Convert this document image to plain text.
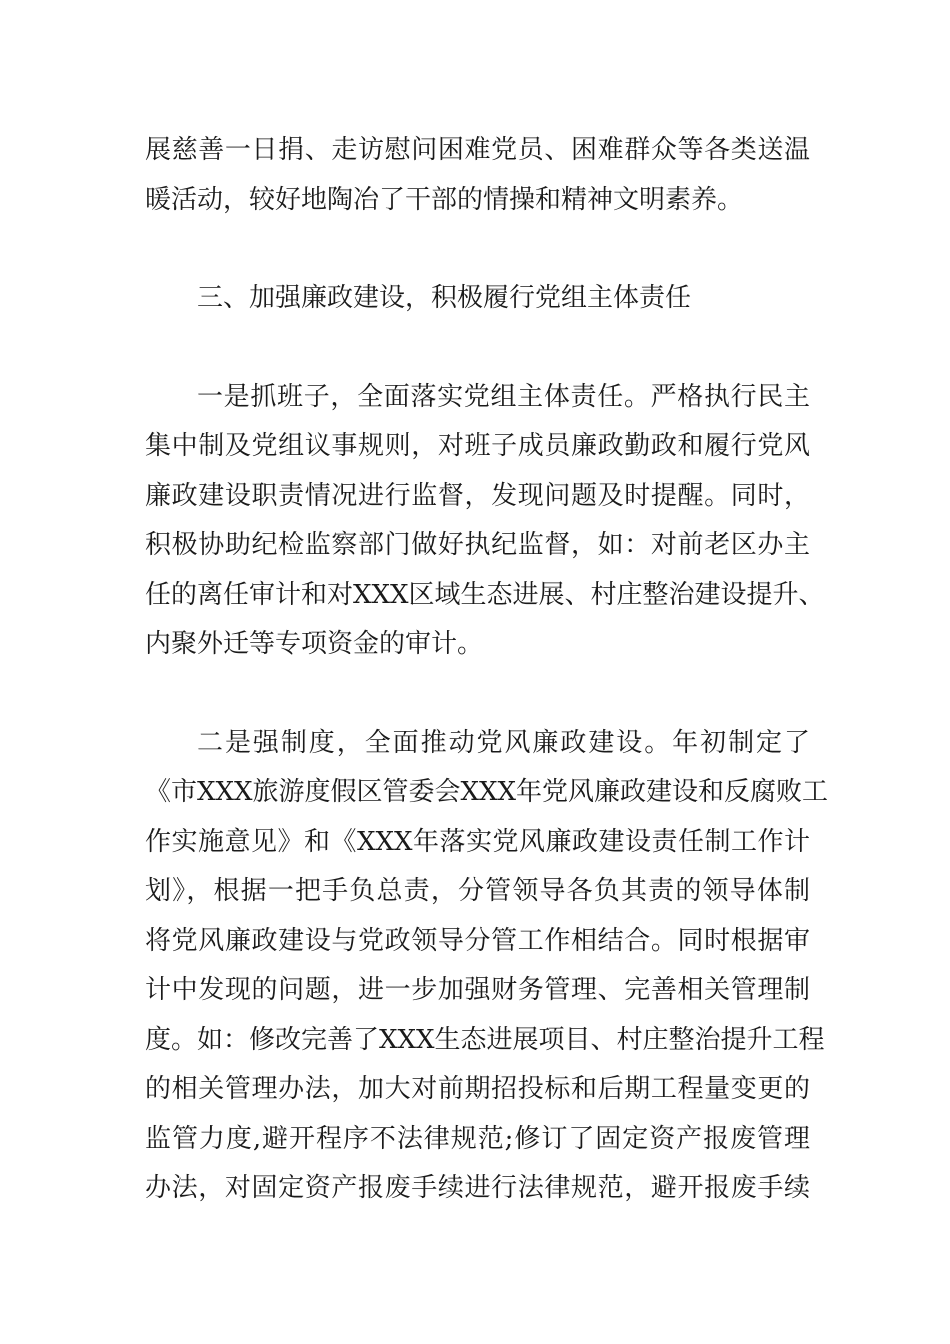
展慈善一日捐、走访慰问困难党员、困难群众等各类送温
暖活动，较好地陶冶了干部的情操和精神文明素养。
三、加强廉政建设，积极履行党组主体责任
一是抓班子，全面落实党组主体责任。严格执行民主
集中制及党组议事规则，对班子成员廉政勤政和履行党风
廉政建设职责情况进行监督，发现问题及时提醒。同时，
积极协助纪检监察部门做好执纪监督，如：对前老区办主
任的离任审计和对XXX区域生态进展、村庄整治建设提升、
内聚外迁等专项资金的审计。
二是强制度，全面推动党风廉政建设。年初制定了
《市XXX旅游度假区管委会XXX年党风廉政建设和反腐败工
作实施意见》和《XXX年落实党风廉政建设责任制工作计
划》，根据一把手负总责，分管领导各负其责的领导体制
将党风廉政建设与党政领导分管工作相结合。同时根据审
计中发现的问题，进一步加强财务管理、完善相关管理制
度。如：修改完善了XXX生态进展项目、村庄整治提升工程
的相关管理办法，加大对前期招投标和后期工程量变更的
监管力度,避开程序不法律规范;修订了固定资产报废管理
办法，对固定资产报废手续进行法律规范，避开报废手续
